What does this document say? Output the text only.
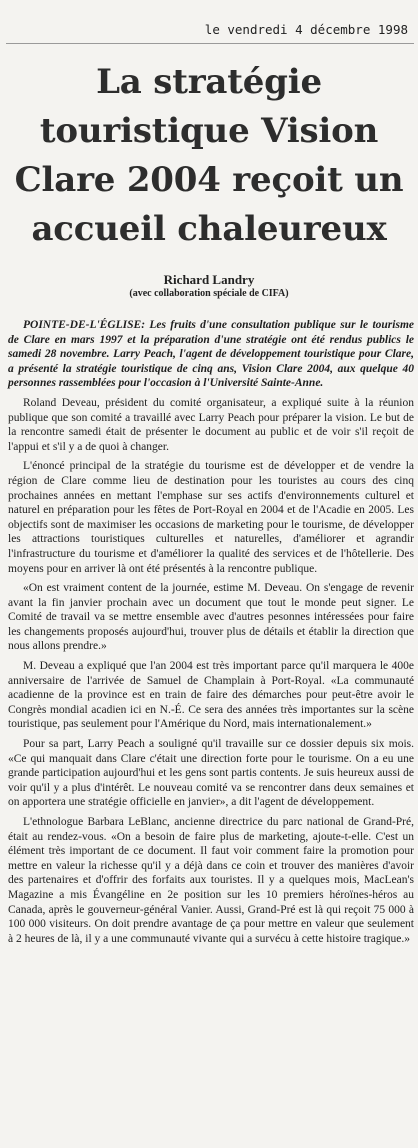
le vendredi 4 décembre 1998
La stratégie
touristique Vision
Clare 2004 reçoit un
accueil chaleureux
Richard Landry
(avec collaboration spéciale de CIFA)

POINTE-DE-L'ÉGLISE: Les fruits d'une consultation publique sur le tourisme de Clare en mars 1997 et la préparation d'une stratégie ont été rendus publics le samedi 28 novembre. Larry Peach, l'agent de développement touristique pour Clare, a présenté la stratégie touristique de cinq ans, Vision Clare 2004, aux quelque 40 personnes rassemblées pour l'occasion à l'Université Sainte-Anne.

Roland Deveau, président du comité organisateur, a expliqué suite à la réunion publique que son comité a travaillé avec Larry Peach pour préparer la vision. Le but de la rencontre samedi était de présenter le document au public et de voir s'il reçoit de l'appui et s'il y a de quoi à changer.

L'énoncé principal de la stratégie du tourisme est de développer et de vendre la région de Clare comme lieu de destination pour les touristes au cours des cinq prochaines années en mettant l'emphase sur ses actifs d'environnements culturel et naturel en préparation pour les fêtes de Port-Royal en 2004 et de l'Acadie en 2005. Les objectifs sont de maximiser les occasions de marketing pour le tourisme, de développer les attractions touristiques culturelles et naturelles, d'améliorer et agrandir l'infrastructure du tourisme et d'améliorer la qualité des services et de l'hôtellerie. Des moyens pour en arriver là ont été présentés à la rencontre publique.

«On est vraiment content de la journée, estime M. Deveau. On s'engage de revenir avant la fin janvier prochain avec un document que tout le monde peut signer. Le Comité de travail va se mettre ensemble avec d'autres pesonnes intéressées pour faire les changements proposés aujourd'hui, trouver plus de détails et établir la direction que nous allons prendre.»

M. Deveau a expliqué que l'an 2004 est très important parce qu'il marquera le 400e anniversaire de l'arrivée de Samuel de Champlain à Port-Royal. «La communauté acadienne de la province est en train de faire des démarches pour peut-être avoir le Congrès mondial acadien ici en N.-É. Ce sera des années très importantes sur la scène touristique, pas seulement pour l'Amérique du Nord, mais internationalement.»

Pour sa part, Larry Peach a souligné qu'il travaille sur ce dossier depuis six mois. «Ce qui manquait dans Clare c'était une direction forte pour le tourisme. On a eu une grande participation aujourd'hui et les gens sont partis contents. Je suis heureux aussi de voir qu'il y a plus d'intérêt. Le nouveau comité va se rencontrer dans deux semaines et on apportera une stratégie officielle en janvier», a dit l'agent de développement.

L'ethnologue Barbara LeBlanc, ancienne directrice du parc national de Grand-Pré, était au rendez-vous. «On a besoin de faire plus de marketing, ajoute-t-elle. C'est un élément très important de ce document. Il faut voir comment faire la promotion pour mettre en valeur la richesse qu'il y a déjà dans ce coin et trouver des manières d'avoir des partenaires et d'offrir des forfaits aux touristes. Il y a quelques mois, MacLean's Magazine a mis Évangéline en 2e position sur les 10 premiers héroïnes-héros au Canada, après le gouverneur-général Vanier. Aussi, Grand-Pré est là qui reçoit 75 000 à 100 000 visiteurs. On doit prendre avantage de ça pour mettre en valeur que seulement à 2 heures de là, il y a une communauté vivante qui a survécu à cette histoire tragique.»
